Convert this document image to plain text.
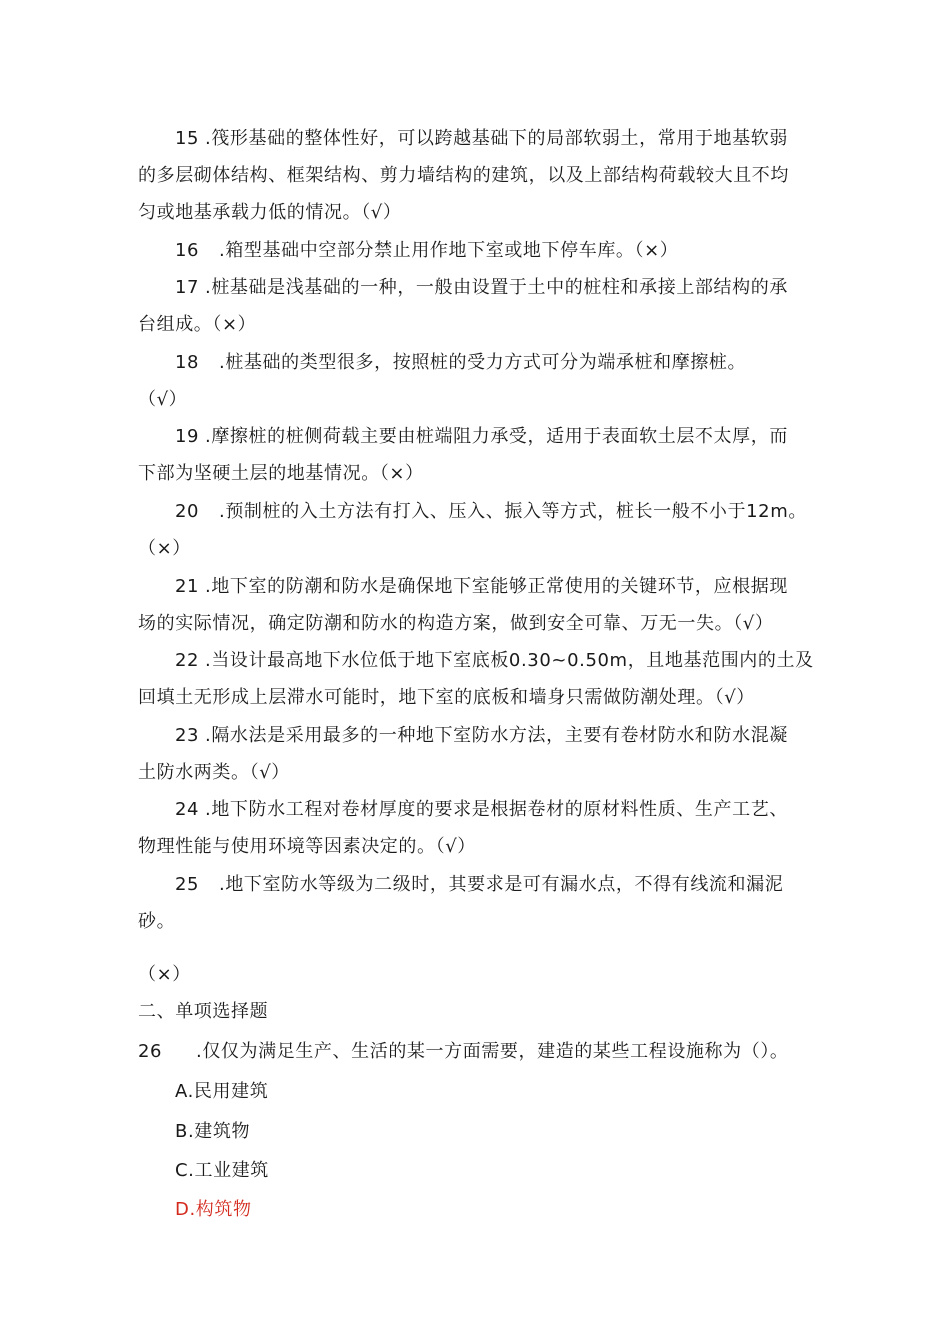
15 .筏形基础的整体性好，可以跨越基础下的局部软弱土，常用于地基软弱
的多层砌体结构、框架结构、剪力墙结构的建筑，以及上部结构荷载较大且不均
匀或地基承载力低的情况。（√）
16 .箱型基础中空部分禁止用作地下室或地下停车库。（×）
17 .桩基础是浅基础的一种，一般由设置于土中的桩柱和承接上部结构的承
台组成。（×）
18 .桩基础的类型很多，按照桩的受力方式可分为端承桩和摩擦桩。
（√）
19 .摩擦桩的桩侧荷载主要由桩端阻力承受，适用于表面软土层不太厚，而
下部为坚硬土层的地基情况。（×）
20 .预制桩的入土方法有打入、压入、振入等方式，桩长一般不小于12m。
（×）
21 .地下室的防潮和防水是确保地下室能够正常使用的关键环节，应根据现
场的实际情况，确定防潮和防水的构造方案，做到安全可靠、万无一失。（√）
22 .当设计最高地下水位低于地下室底板0.30~0.50m，且地基范围内的土及
回填土无形成上层滞水可能时，地下室的底板和墙身只需做防潮处理。（√）
23 .隔水法是采用最多的一种地下室防水方法，主要有卷材防水和防水混凝
土防水两类。（√）
24 .地下防水工程对卷材厚度的要求是根据卷材的原材料性质、生产工艺、
物理性能与使用环境等因素决定的。（√）
25 .地下室防水等级为二级时，其要求是可有漏水点，不得有线流和漏泥
砂。
（×）
二、单项选择题
26 .仅仅为满足生产、生活的某一方面需要，建造的某些工程设施称为（）。
A.民用建筑
B.建筑物
C.工业建筑
D.构筑物
